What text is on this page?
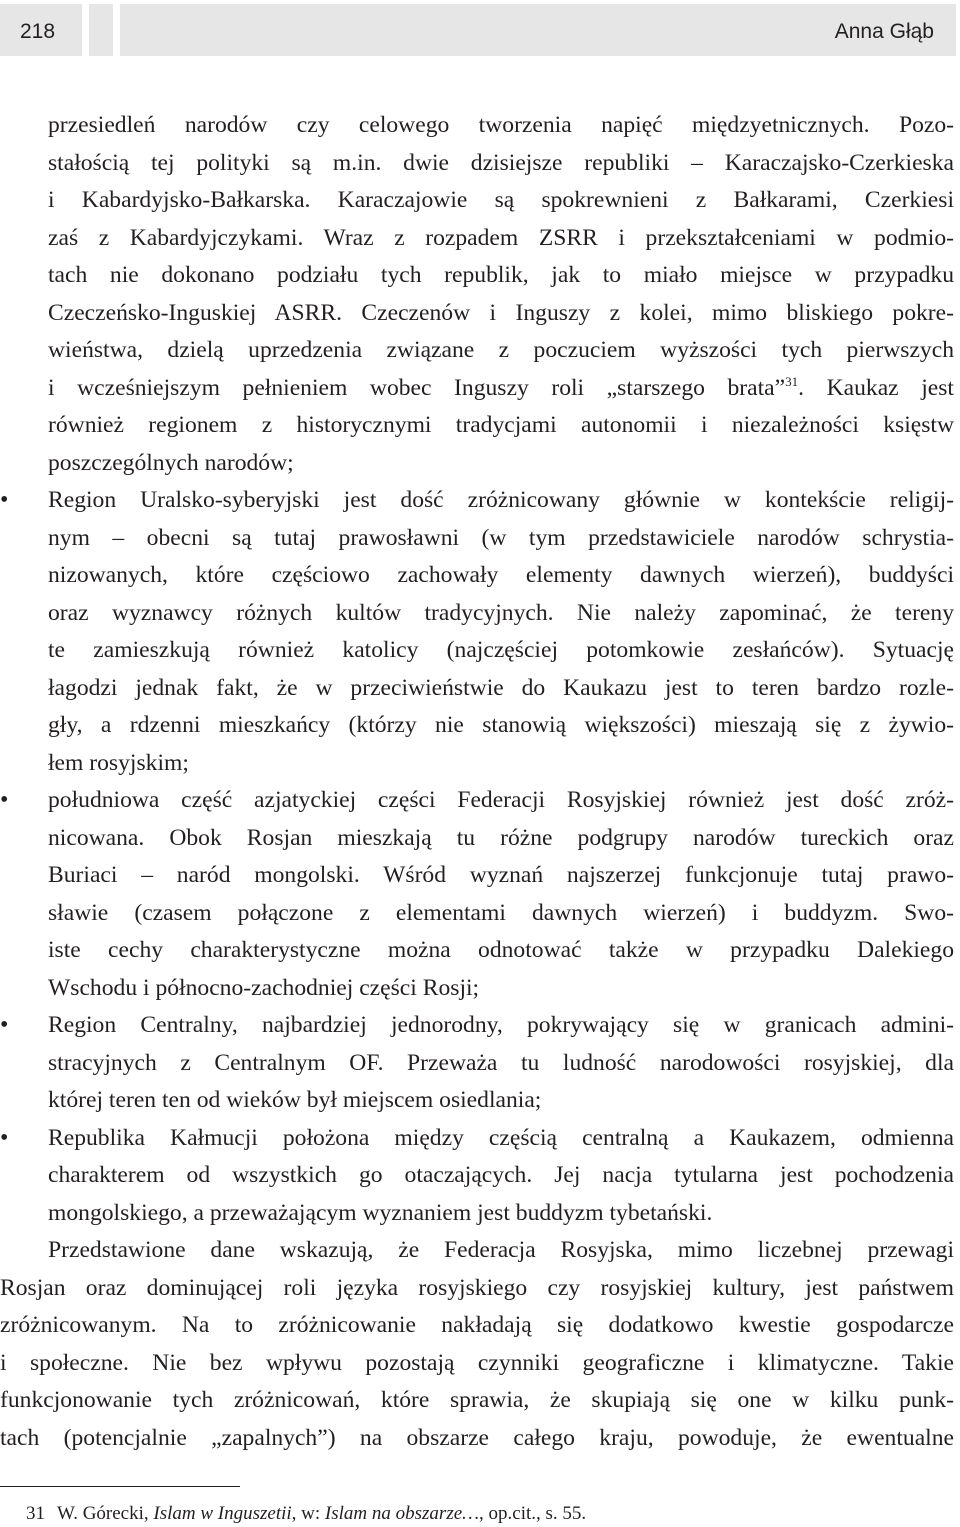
218	Anna Głąb
przesiedleń narodów czy celowego tworzenia napięć międzyetnicznych. Pozo-
stałością tej polityki są m.in. dwie dzisiejsze republiki – Karaczajsko-Czerkieska
i Kabardyjsko-Bałkarska. Karaczajowie są spokrewnieni z Bałkarami, Czerkiesi
zaś z Kabardyjczykami. Wraz z rozpadem ZSRR i przekształceniami w podmio-
tach nie dokonano podziału tych republik, jak to miało miejsce w przypadku
Czeczeńsko-Inguskiej ASRR. Czeczenów i Inguszy z kolei, mimo bliskiego pokre-
wieństwa, dzielą uprzedzenia związane z poczuciem wyższości tych pierwszych
i wcześniejszym pełnieniem wobec Inguszy roli „starszego brata”$^{31}$. Kaukaz jest
również regionem z historycznymi tradycjami autonomii i niezależności księstw
poszczególnych narodów;
• Region Uralsko-syberyjski jest dość zróżnicowany głównie w kontekście religij-
nym – obecni są tutaj prawosławni (w tym przedstawiciele narodów schrystia-
nizowanych, które częściowo zachowały elementy dawnych wierzeń), buddyści
oraz wyznawcy różnych kultów tradycyjnych. Nie należy zapominać, że tereny
te zamieszkują również katolicy (najczęściej potomkowie zesłańców). Sytuację
łagodzi jednak fakt, że w przeciwieństwie do Kaukazu jest to teren bardzo rozle-
gły, a rdzenni mieszkańcy (którzy nie stanowią większości) mieszają się z żywio-
łem rosyjskim;
• południowa część azjatyckiej części Federacji Rosyjskiej również jest dość zróż-
nicowana. Obok Rosjan mieszkają tu różne podgrupy narodów tureckich oraz
Buriaci – naród mongolski. Wśród wyznań najszerzej funkcjonuje tutaj prawo-
sławie (czasem połączone z elementami dawnych wierzeń) i buddyzm. Swo-
iste cechy charakterystyczne można odnotować także w przypadku Dalekiego
Wschodu i północno-zachodniej części Rosji;
• Region Centralny, najbardziej jednorodny, pokrywający się w granicach admini-
stracyjnych z Centralnym OF. Przeważa tu ludność narodowości rosyjskiej, dla
której teren ten od wieków był miejscem osiedlania;
• Republika Kałmucji położona między częścią centralną a Kaukazem, odmienna
charakterem od wszystkich go otaczających. Jej nacja tytularna jest pochodzenia
mongolskiego, a przeważającym wyznaniem jest buddyzm tybetański.
Przedstawione dane wskazują, że Federacja Rosyjska, mimo liczebnej przewagi
Rosjan oraz dominującej roli języka rosyjskiego czy rosyjskiej kultury, jest państwem
zróżnicowanym. Na to zróżnicowanie nakładają się dodatkowo kwestie gospodarcze
i społeczne. Nie bez wpływu pozostają czynniki geograficzne i klimatyczne. Takie
funkcjonowanie tych zróżnicowań, które sprawia, że skupiają się one w kilku punk-
tach (potencjalnie „zapalnych”) na obszarze całego kraju, powoduje, że ewentualne
31 W. Górecki, Islam w Inguszetii, w: Islam na obszarze…, op.cit., s. 55.
